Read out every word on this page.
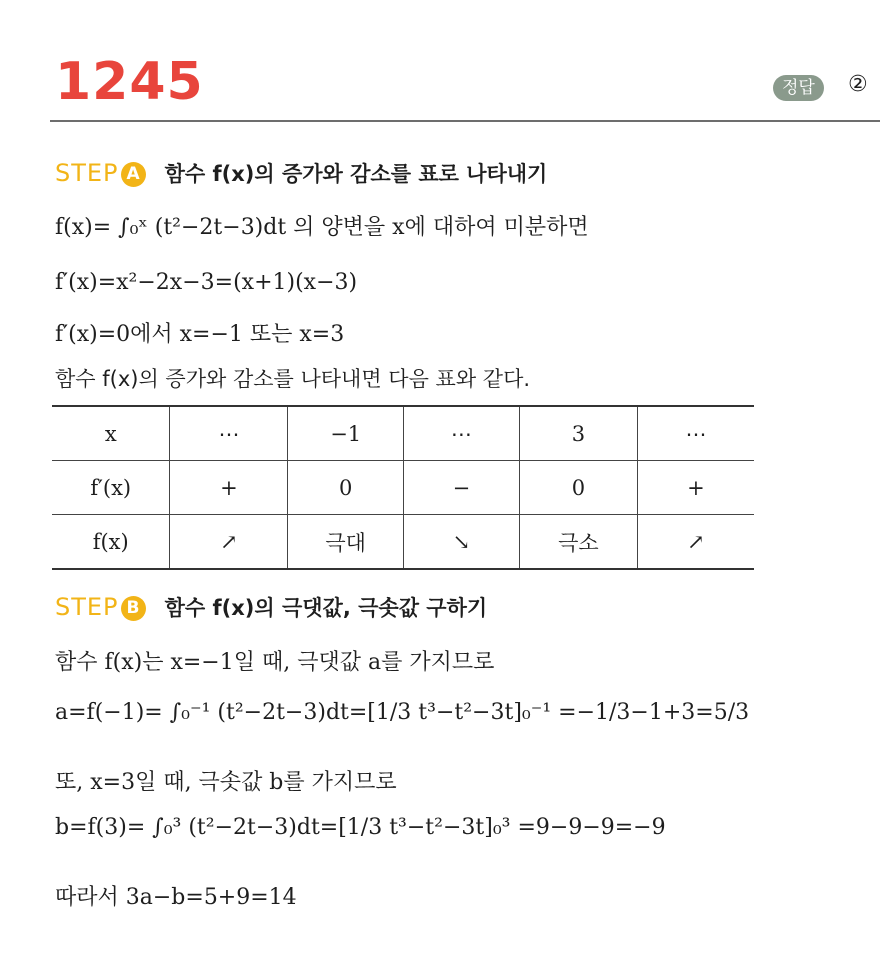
1245	정답	②
STEP A 함수 f(x)의 증가와 감소를 표로 나타내기
f(x)= ∫₀ˣ (t²−2t−3)dt 의 양변을 x에 대하여 미분하면
f′(x)=x²−2x−3=(x+1)(x−3)
f′(x)=0에서 x=−1 또는 x=3
함수 f(x)의 증가와 감소를 나타내면 다음 표와 같다.
x	⋯	−1	⋯	3	⋯
f′(x)	+	0	−	0	+
f(x)	↗	극대	↘	극소	↗
STEP B 함수 f(x)의 극댓값, 극솟값 구하기
함수 f(x)는 x=−1일 때, 극댓값 a를 가지므로
a=f(−1)= ∫₀⁻¹ (t²−2t−3)dt=[1/3 t³−t²−3t]₀⁻¹ =−1/3−1+3=5/3
또, x=3일 때, 극솟값 b를 가지므로
b=f(3)= ∫₀³ (t²−2t−3)dt=[1/3 t³−t²−3t]₀³ =9−9−9=−9
따라서 3a−b=5+9=14
